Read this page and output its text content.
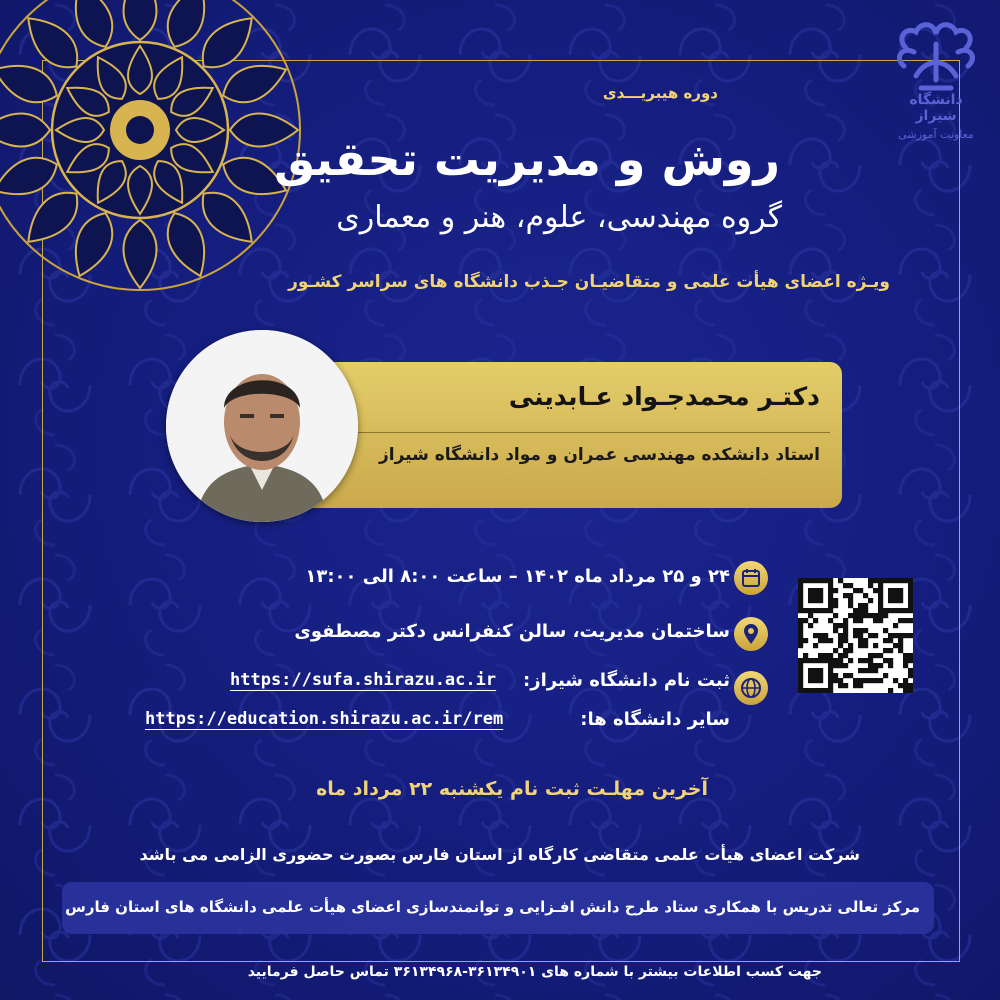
دانشگاه شیراز
معاونت آموزشی
دوره هیبریـــدی
روش و مدیریت تحقیق
گروه مهندسی، علوم، هنر و معماری
ویـژه اعضای هیأت علمی و متقاضیـان جـذب دانشگاه های سراسر کشـور
دکتـر محمدجـواد عـابدینی
استاد دانشکده مهندسی عمران و مواد دانشگاه شیراز
۲۴ و ۲۵ مرداد ماه ۱۴۰۲ – ساعت ۸:۰۰ الی ۱۳:۰۰
ساختمان مدیریت، سالن کنفرانس دکتر مصطفوی
ثبت نام دانشگاه شیراز:
سایر دانشگاه ها:
https://sufa.shirazu.ac.ir
https://education.shirazu.ac.ir/rem
آخرین مهلـت ثبت نام یکشنبه ۲۲ مرداد ماه
شرکت اعضای هیأت علمی متقاضی کارگاه از استان فارس بصورت حضوری الزامی می باشد
مرکز تعالی تدریس با همکاری ستاد طرح دانش افـزایی و توانمندسازی اعضای هیأت علمی دانشگاه های استان فارس
جهت کسب اطلاعات بیشتر با شماره های ۳۶۱۳۴۹۰۱-۳۶۱۳۴۹۶۸ تماس حاصل فرمایید
